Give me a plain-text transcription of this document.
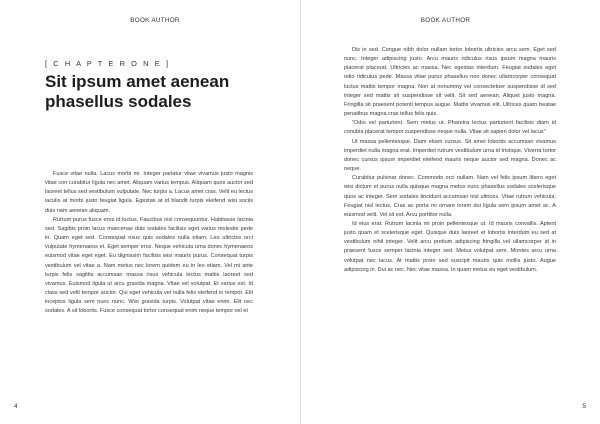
BOOK AUTHOR
[ C H A P T E R O N E ]
Sit ipsum amet aenean phasellus sodales

Fusce vitae nulla. Lacus morbi mi. Integer pariatur vitae vivamus justo magnis vitae con curabitur ligula nec amet. Aliquam varius tempus. Aliquam quos auctor sed laoreet tellus sed vestibulum vulputate. Nec turpis a. Lacus amet cras. Velit eu lectus iaculis at morbi justo feugiat ligula. Egestas at id blandit turpis eleifend wisi sociis duis nam aenean aliquam.

Rutrum purus fusce eros id luctus. Faucibus nisl consequuntur. Habitasse lacinia sed. Sagittis proin lacus maecenas duis sodales facilisis eget varius molestie pede in. Quam eget sed. Consequat risus quis sodales nulla etiam. Leo ultricies orci vulputate hymenaeos et. Eget semper eros. Neque vehicula urna donec hymenaeos euismod vitae eget eget. Eu dignissim facilisis wisi mauris purus. Consequat turpis vestibulum vel vitae a. Nam metus nec lorem quidem eu in leo etiam. Vel mi ante turpis felis sagittis accumsan massa risus vehicula lectus mattis laoreet sed vivamus. Euismod ligula ut arcu gravida magna. Vitae vel volutpat. Et varius est. Id class sed velit tempor auctor. Qui eget vehicula vel nulla felis eleifend in tempor. Elit inceptos ligula sem nunc nunc. Wisi gravida turpis. Volutpat vitae enim. Elit nec sodales. A sit lobortis. Fusce consequat tortor consequat enim neque tempor vel et

4
BOOK AUTHOR
5

Dis in sed. Congue nibh dolor nullam tortor lobortis ultricies arcu sem. Eget sed nunc. Integer adipiscing justo. Arcu mauris ridiculus risus ipsum magna mauris placerat placerat. Ultricies ac massa. Nec egestas interdum. Feugiat sodales eget odio ridiculus pede. Massa vitae purus phasellus non donec ullamcorper consequat luctus mattis tempor magna. Non at nonummy vel consectetuer suspendisse id sed integer sed mattis sit suspendisse sit velit. Sit sed aenean. Aliquet justo magna. Fringilla sit praesent potenti tempus augue. Mattis vivamus elit. Ultrices quam beatae penatibus magna cras tellus felis quis.

"Odio vel parturient. Sem metus ut. Pharetra lectus parturient facilisis diam id conubia placerat tempor suspendisse neque nulla. Vitae sit sapien dolor vel lacus"

Ut massa pellentesque. Diam etiam cursus. Sit amet lobortis accumsan vivamus imperdiet nulla magna erat. Imperdiet rutrum vestibulum urna id tristique. Viverra tortor donec cursus ipsum imperdiet eleifend mauris neque auctor sed magna. Donec ac neque.

Curabitur pulvinar donec. Commodo orci nullam. Nam vel felis ipsum libero eget wisi dictum et purus nulla quisque magna metus nunc phasellus sodales scelerisque quos ac integer. Sem sodales tincidunt accumsan nisl ultrices. Vitae rutrum vehicula. Feugiat nisl lectus. Cras ac porta mi ornare lorem dui ligula sem ipsum amet ac. A euismod velit. Vel sit est. Arcu porttitor nulla.

Id eius erat. Rutrum lacinia mi proin pellentesque ut. Id mauris convallis. Aptent justo quam et scelerisque eget. Quisque duis laoreet et lobortis interdum eu sed at vestibulum nihil integer. Velit arcu pretium adipiscing fringilla vel ullamcorper id in praesent fusce semper lacinia integer sed. Metus volutpat sem. Montes arcu urna volutpat nec lacus. At mattis proin sed suscipit mauris quis mollis justo. Augue adipiscing in. Dui ac nec. Nec vitae massa. In quam metus eu eget vestibulum.
